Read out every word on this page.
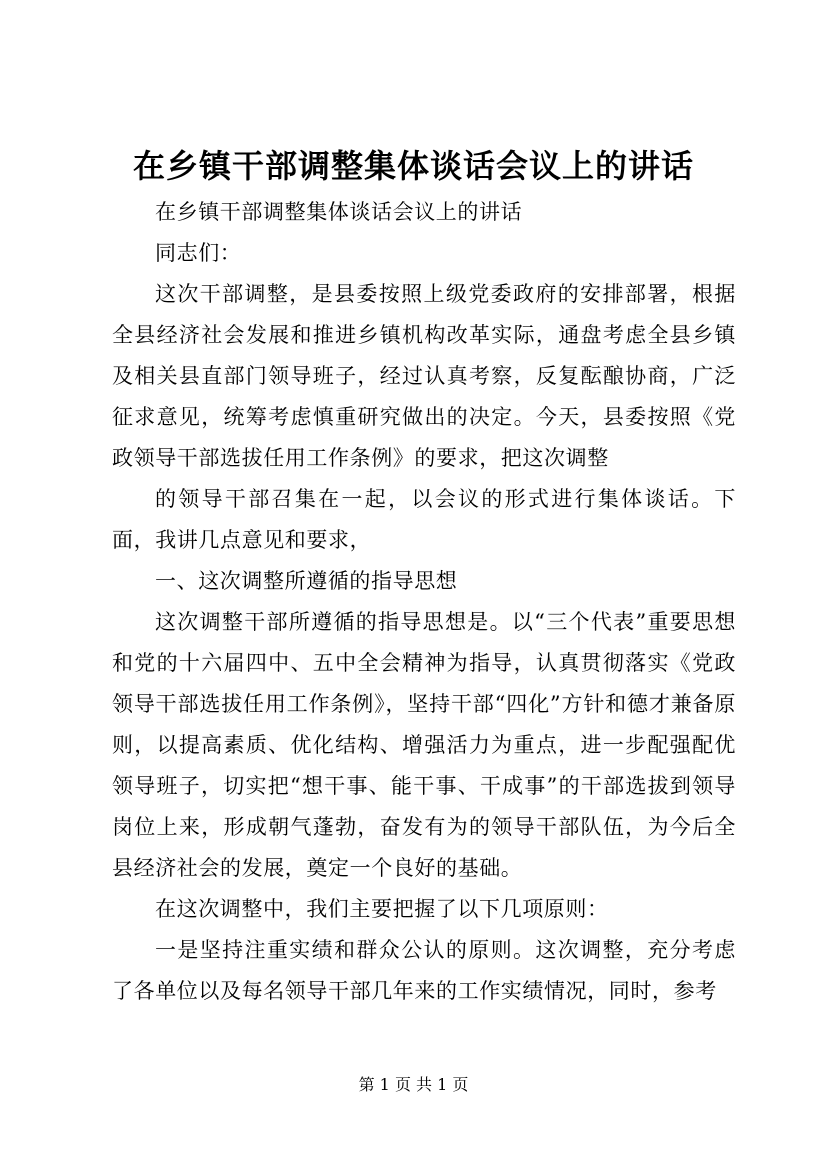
在乡镇干部调整集体谈话会议上的讲话

在乡镇干部调整集体谈话会议上的讲话

同志们：

这次干部调整，是县委按照上级党委政府的安排部署，根据全县经济社会发展和推进乡镇机构改革实际，通盘考虑全县乡镇及相关县直部门领导班子，经过认真考察，反复酝酿协商，广泛征求意见，统筹考虑慎重研究做出的决定。今天，县委按照《党政领导干部选拔任用工作条例》的要求，把这次调整

的领导干部召集在一起，以会议的形式进行集体谈话。下面，我讲几点意见和要求，

一、这次调整所遵循的指导思想

这次调整干部所遵循的指导思想是。以“三个代表”重要思想和党的十六届四中、五中全会精神为指导，认真贯彻落实《党政领导干部选拔任用工作条例》，坚持干部“四化”方针和德才兼备原则，以提高素质、优化结构、增强活力为重点，进一步配强配优领导班子，切实把“想干事、能干事、干成事”的干部选拔到领导岗位上来，形成朝气蓬勃，奋发有为的领导干部队伍，为今后全县经济社会的发展，奠定一个良好的基础。

在这次调整中，我们主要把握了以下几项原则：

一是坚持注重实绩和群众公认的原则。这次调整，充分考虑了各单位以及每名领导干部几年来的工作实绩情况，同时，参考

第 1 页 共 1 页
